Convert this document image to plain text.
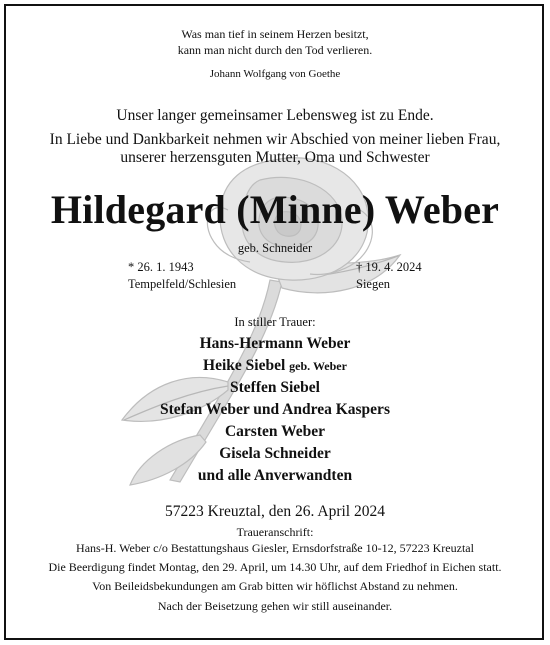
Was man tief in seinem Herzen besitzt,
kann man nicht durch den Tod verlieren.
Johann Wolfgang von Goethe
Unser langer gemeinsamer Lebensweg ist zu Ende.
In Liebe und Dankbarkeit nehmen wir Abschied von meiner lieben Frau,
unserer herzensguten Mutter, Oma und Schwester
Hildegard (Minne) Weber
geb. Schneider
* 26. 1. 1943
Tempelfeld/Schlesien
† 19. 4. 2024
Siegen
In stiller Trauer:
Hans-Hermann Weber
Heike Siebel geb. Weber
Steffen Siebel
Stefan Weber und Andrea Kaspers
Carsten Weber
Gisela Schneider
und alle Anverwandten
57223 Kreuztal, den 26. April 2024
Traueranschrift:
Hans-H. Weber c/o Bestattungshaus Giesler, Ernsdorfstraße 10-12, 57223 Kreuztal
Die Beerdigung findet Montag, den 29. April, um 14.30 Uhr, auf dem Friedhof in Eichen statt.
Von Beileidsbekundungen am Grab bitten wir höflichst Abstand zu nehmen.
Nach der Beisetzung gehen wir still auseinander.
